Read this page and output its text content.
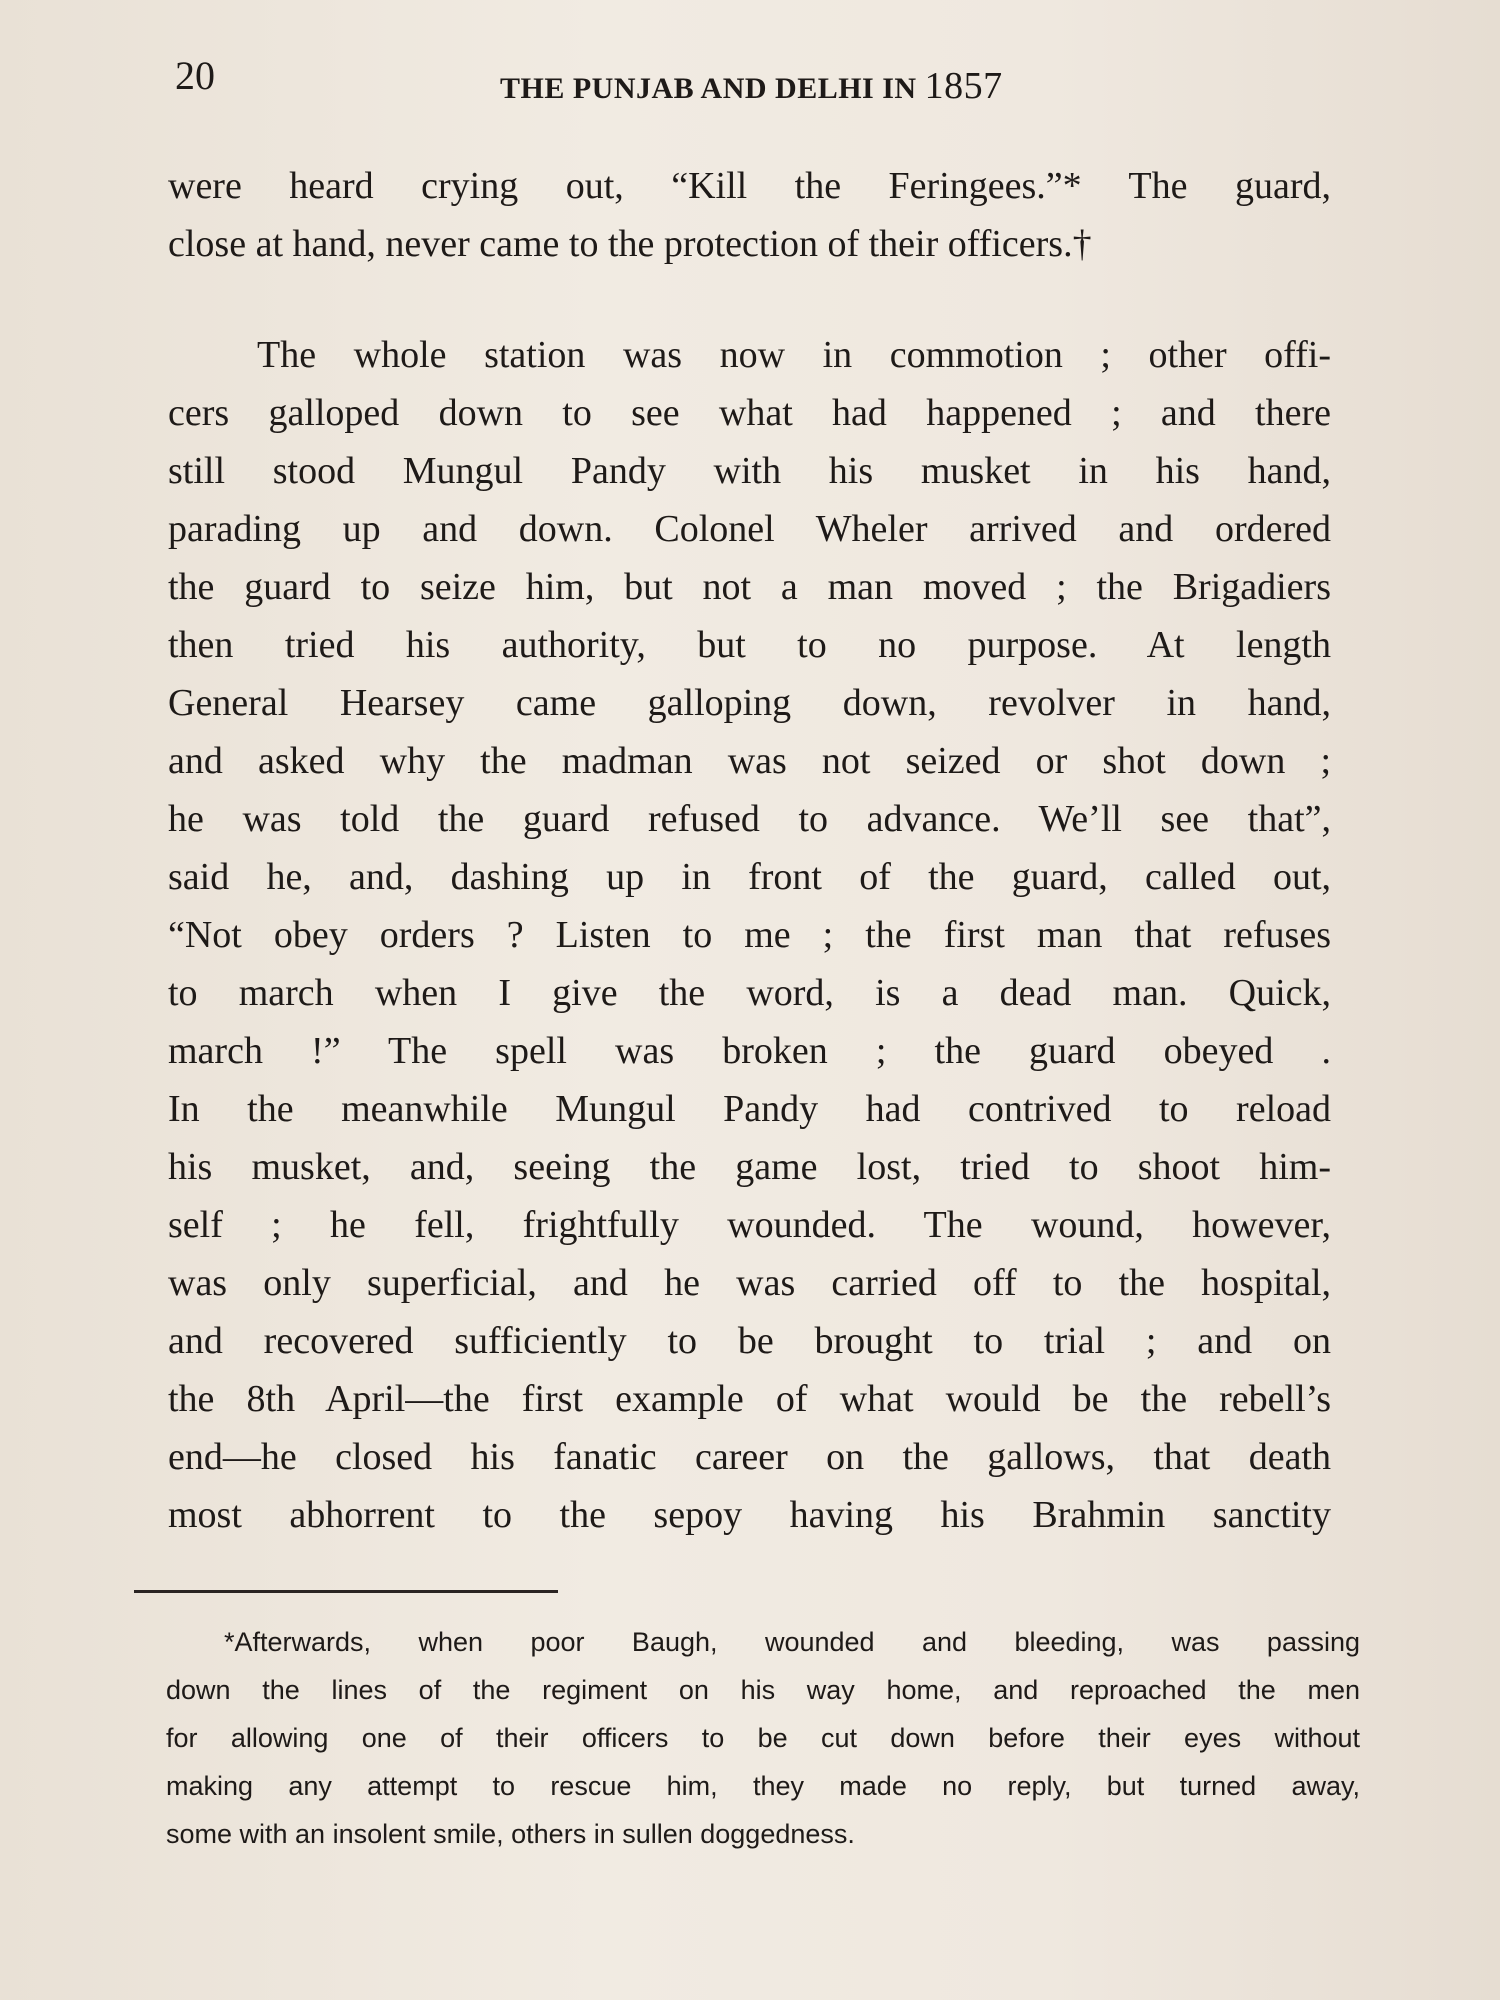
20	THE PUNJAB AND DELHI IN 1857
were heard crying out, “Kill the Feringees.”* The guard,
close at hand, never came to the protection of their officers.†
The whole station was now in commotion ; other offi-
cers galloped down to see what had happened ; and there
still stood Mungul Pandy with his musket in his hand,
parading up and down. Colonel Wheler arrived and ordered
the guard to seize him, but not a man moved ; the Brigadiers
then tried his authority, but to no purpose. At length
General Hearsey came galloping down, revolver in hand,
and asked why the madman was not seized or shot down ;
he was told the guard refused to advance. We’ll see that”,
said he, and, dashing up in front of the guard, called out,
“Not obey orders ? Listen to me ; the first man that refuses
to march when I give the word, is a dead man. Quick,
march !” The spell was broken ; the guard obeyed .
In the meanwhile Mungul Pandy had contrived to reload
his musket, and, seeing the game lost, tried to shoot him-
self ; he fell, frightfully wounded. The wound, however,
was only superficial, and he was carried off to the hospital,
and recovered sufficiently to be brought to trial ; and on
the 8th April—the first example of what would be the rebell’s
end—he closed his fanatic career on the gallows, that death
most abhorrent to the sepoy having his Brahmin sanctity
*Afterwards, when poor Baugh, wounded and bleeding, was passing
down the lines of the regiment on his way home, and reproached the men
for allowing one of their officers to be cut down before their eyes without
making any attempt to rescue him, they made no reply, but turned away,
some with an insolent smile, others in sullen doggedness.
